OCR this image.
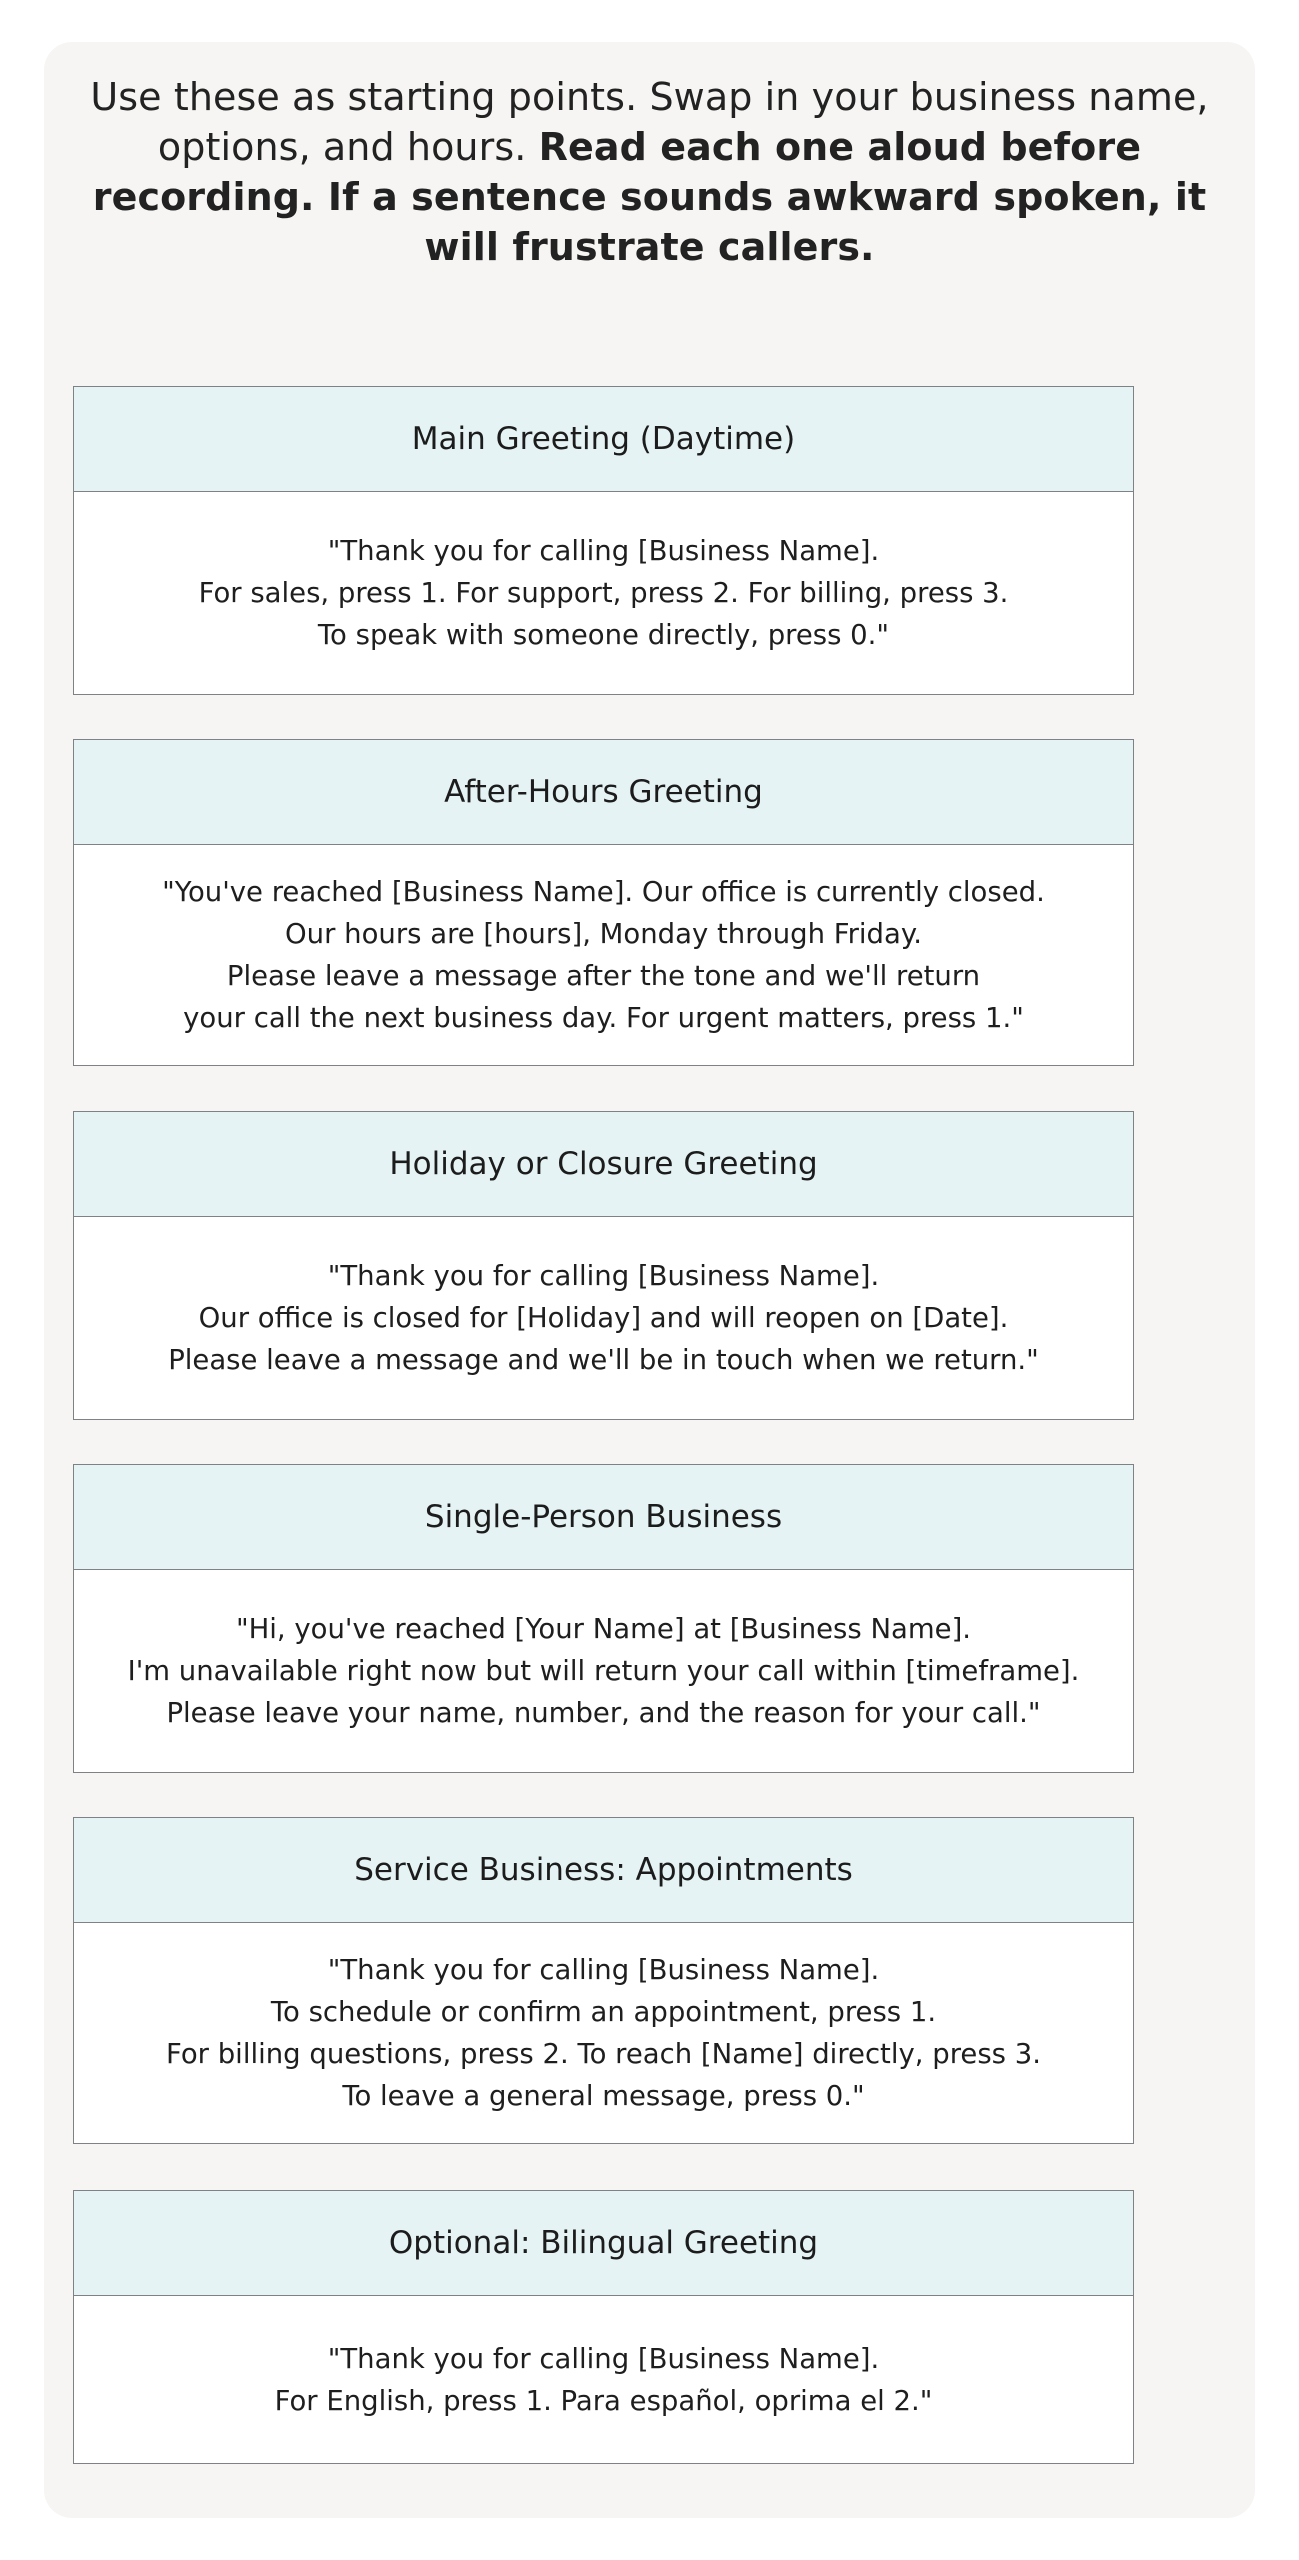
Use these as starting points. Swap in your business name, options, and hours. Read each one aloud before recording. If a sentence sounds awkward spoken, it will frustrate callers.
Main Greeting (Daytime)
"Thank you for calling [Business Name].
For sales, press 1. For support, press 2. For billing, press 3.
To speak with someone directly, press 0."
After-Hours Greeting
"You've reached [Business Name]. Our office is currently closed.
Our hours are [hours], Monday through Friday.
Please leave a message after the tone and we'll return
your call the next business day. For urgent matters, press 1."
Holiday or Closure Greeting
"Thank you for calling [Business Name].
Our office is closed for [Holiday] and will reopen on [Date].
Please leave a message and we'll be in touch when we return."
Single-Person Business
"Hi, you've reached [Your Name] at [Business Name].
I'm unavailable right now but will return your call within [timeframe].
Please leave your name, number, and the reason for your call."
Service Business: Appointments
"Thank you for calling [Business Name].
To schedule or confirm an appointment, press 1.
For billing questions, press 2. To reach [Name] directly, press 3.
To leave a general message, press 0."
Optional: Bilingual Greeting
"Thank you for calling [Business Name].
For English, press 1. Para español, oprima el 2."
